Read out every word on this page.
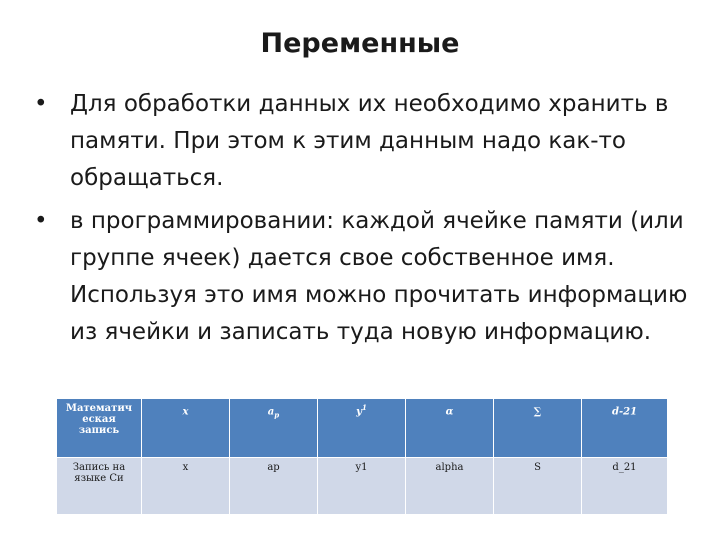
Переменные
• Для обработки данных их необходимо хранить в памяти. При этом к этим данным надо как-то обращаться.
• в программировании: каждой ячейке памяти (или группе ячеек) дается свое собственное имя. Используя это имя можно прочитать информацию из ячейки и записать туда новую информацию.
Математич еская запись	x	$a_p$	$y^1$	α	∑	d-21
Запись на языке Си	x	ap	y1	alpha	S	d_21
